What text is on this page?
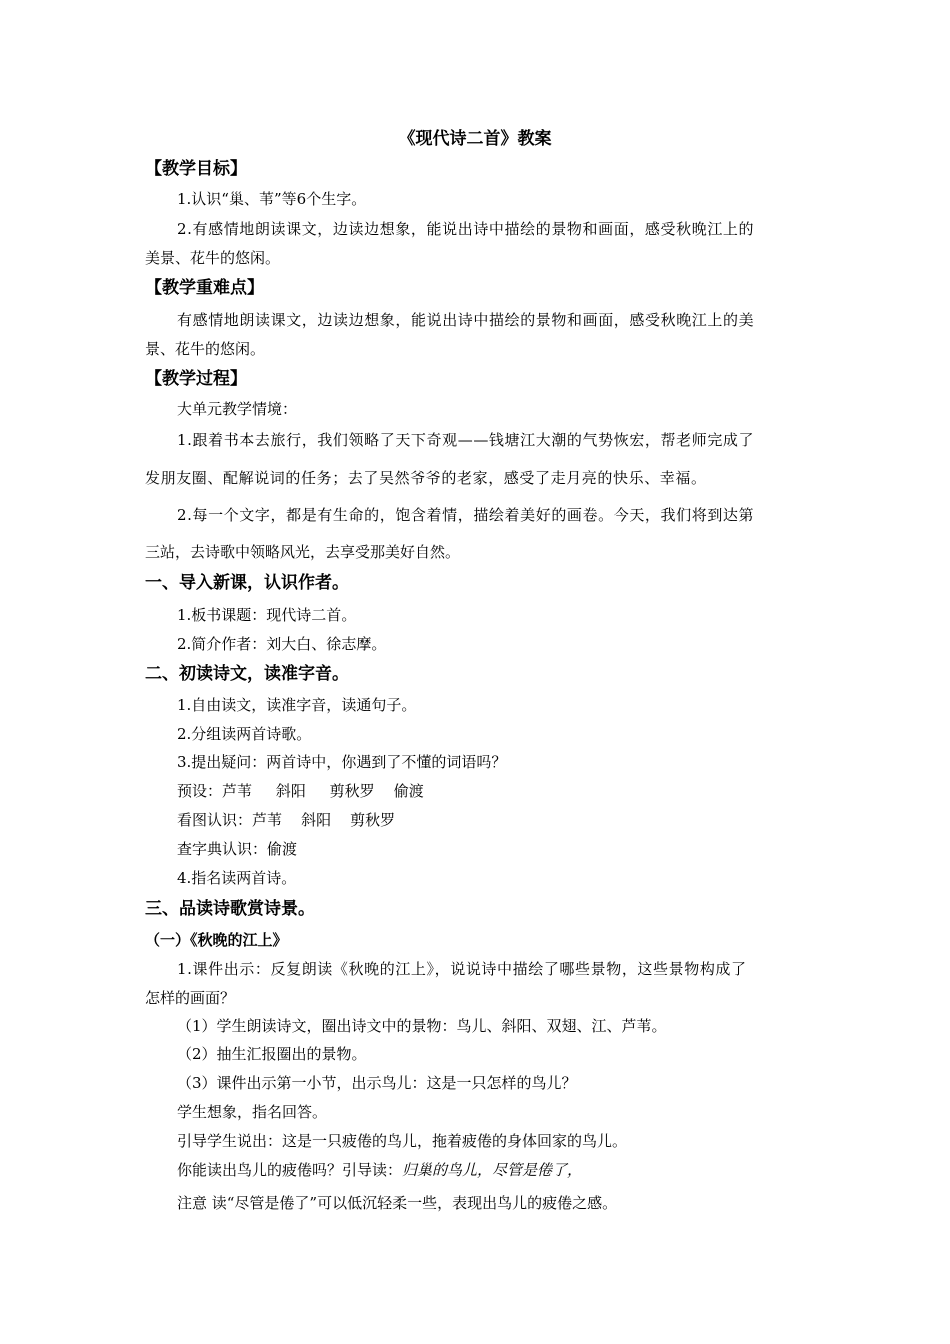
《现代诗二首》教案
【教学目标】
1.认识“巢、苇”等6个生字。
2.有感情地朗读课文，边读边想象，能说出诗中描绘的景物和画面，感受秋晚江上的
美景、花牛的悠闲。
【教学重难点】
有感情地朗读课文，边读边想象，能说出诗中描绘的景物和画面，感受秋晚江上的美
景、花牛的悠闲。
【教学过程】
大单元教学情境：
1.跟着书本去旅行，我们领略了天下奇观——钱塘江大潮的气势恢宏，帮老师完成了
发朋友圈、配解说词的任务；去了吴然爷爷的老家，感受了走月亮的快乐、幸福。
2.每一个文字，都是有生命的，饱含着情，描绘着美好的画卷。今天，我们将到达第
三站，去诗歌中领略风光，去享受那美好自然。
一、导入新课，认识作者。
1.板书课题：现代诗二首。
2.简介作者：刘大白、徐志摩。
二、初读诗文，读准字音。
1.自由读文，读准字音，读通句子。
2.分组读两首诗歌。
3.提出疑问：两首诗中，你遇到了不懂的词语吗？
预设：芦苇     斜阳     剪秋罗    偷渡
看图认识：芦苇    斜阳    剪秋罗
查字典认识：偷渡
4.指名读两首诗。
三、品读诗歌赏诗景。
（一）《秋晚的江上》
1.课件出示：反复朗读《秋晚的江上》，说说诗中描绘了哪些景物，这些景物构成了
怎样的画面？
（1）学生朗读诗文，圈出诗文中的景物：鸟儿、斜阳、双翅、江、芦苇。
（2）抽生汇报圈出的景物。
（3）课件出示第一小节，出示鸟儿：这是一只怎样的鸟儿？
学生想象，指名回答。
引导学生说出：这是一只疲倦的鸟儿，拖着疲倦的身体回家的鸟儿。
你能读出鸟儿的疲倦吗？引导读：归巢的鸟儿，尽管是倦了，
注意 读“尽管是倦了”可以低沉轻柔一些，表现出鸟儿的疲倦之感。
